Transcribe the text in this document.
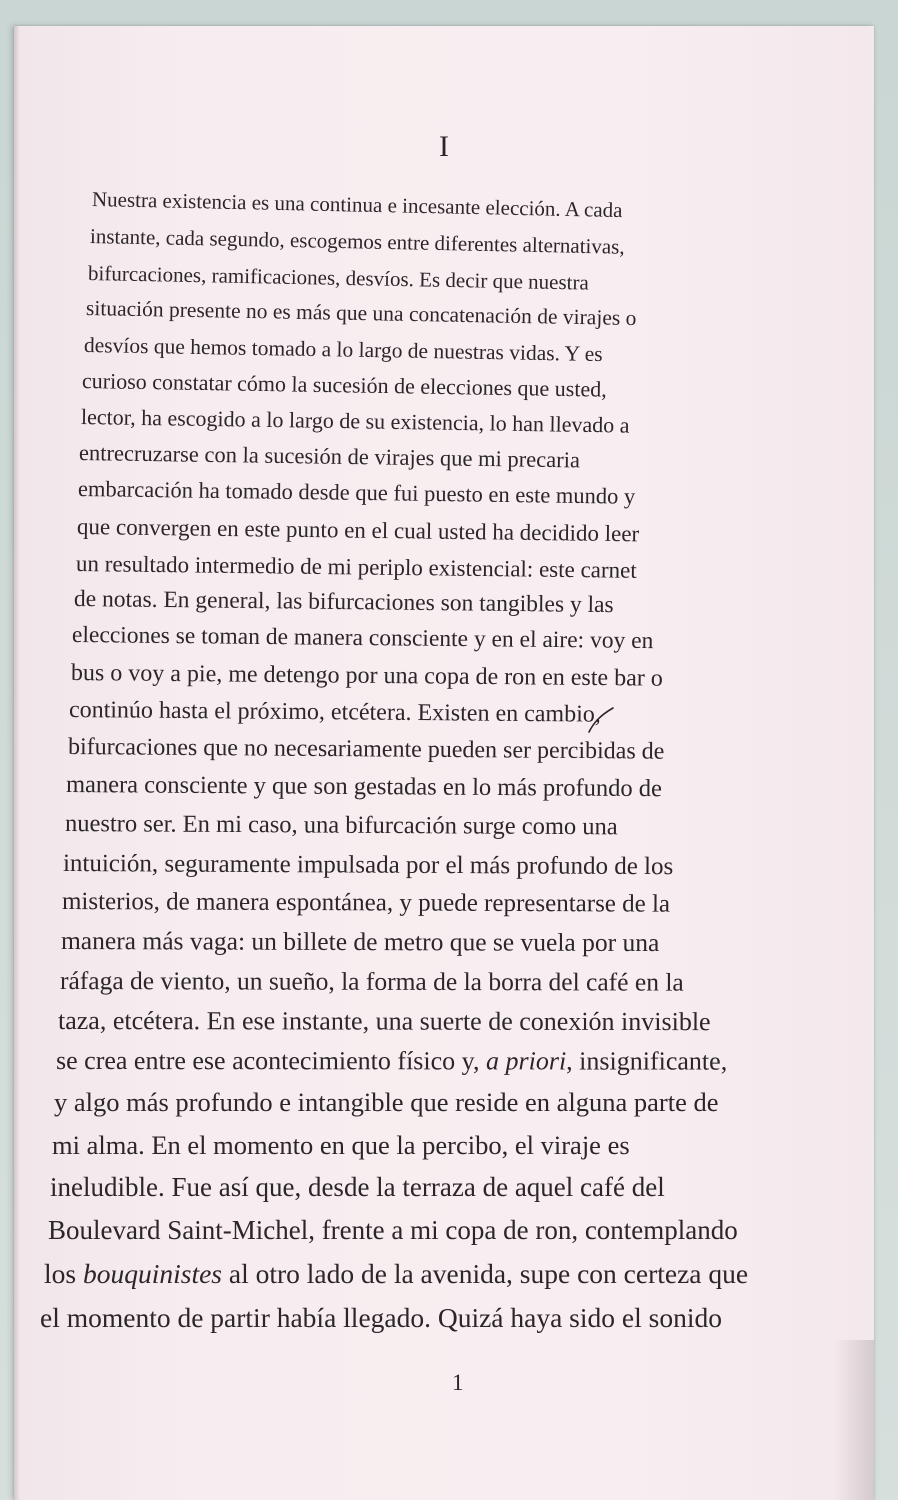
I
Nuestra existencia es una continua e incesante elección. A cada
instante, cada segundo, escogemos entre diferentes alternativas,
bifurcaciones, ramificaciones, desvíos. Es decir que nuestra
situación presente no es más que una concatenación de virajes o
desvíos que hemos tomado a lo largo de nuestras vidas. Y es
curioso constatar cómo la sucesión de elecciones que usted,
lector, ha escogido a lo largo de su existencia, lo han llevado a
entrecruzarse con la sucesión de virajes que mi precaria
embarcación ha tomado desde que fui puesto en este mundo y
que convergen en este punto en el cual usted ha decidido leer
un resultado intermedio de mi periplo existencial: este carnet
de notas. En general, las bifurcaciones son tangibles y las
elecciones se toman de manera consciente y en el aire: voy en
bus o voy a pie, me detengo por una copa de ron en este bar o
continúo hasta el próximo, etcétera. Existen en cambio,
bifurcaciones que no necesariamente pueden ser percibidas de
manera consciente y que son gestadas en lo más profundo de
nuestro ser. En mi caso, una bifurcación surge como una
intuición, seguramente impulsada por el más profundo de los
misterios, de manera espontánea, y puede representarse de la
manera más vaga: un billete de metro que se vuela por una
ráfaga de viento, un sueño, la forma de la borra del café en la
taza, etcétera. En ese instante, una suerte de conexión invisible
se crea entre ese acontecimiento físico y, a priori, insignificante,
y algo más profundo e intangible que reside en alguna parte de
mi alma. En el momento en que la percibo, el viraje es
ineludible. Fue así que, desde la terraza de aquel café del
Boulevard Saint-Michel, frente a mi copa de ron, contemplando
los bouquinistes al otro lado de la avenida, supe con certeza que
el momento de partir había llegado. Quizá haya sido el sonido
1
